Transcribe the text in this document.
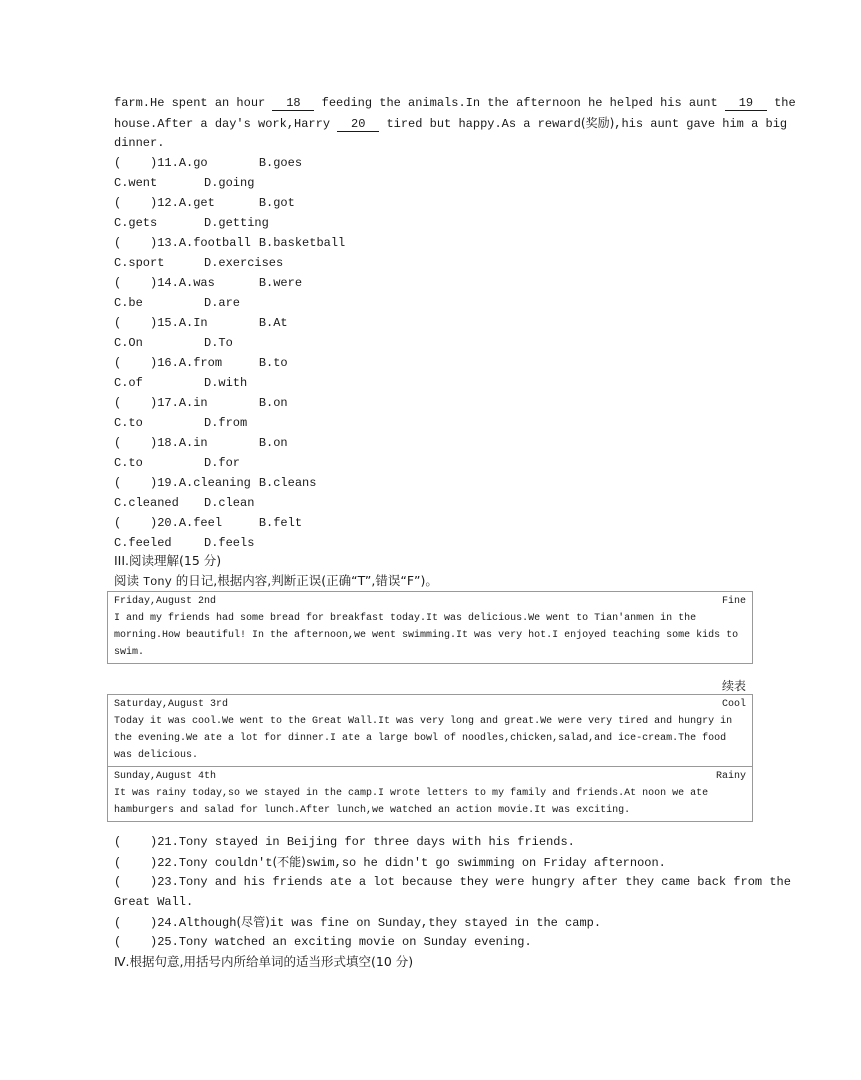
farm.He spent an hour 18 feeding the animals.In the afternoon he helped his aunt 19 the
house.After a day's work,Harry 20 tired but happy.As a reward(奖励),his aunt gave him a big
dinner.
(    )11.A.go	B.goes
C.went	D.going
(    )12.A.get	B.got
C.gets	D.getting
(    )13.A.football B.basketball
C.sport	D.exercises
(    )14.A.was	B.were
C.be	D.are
(    )15.A.In	B.At
C.On	D.To
(    )16.A.from	B.to
C.of	D.with
(    )17.A.in	B.on
C.to	D.from
(    )18.A.in	B.on
C.to	D.for
(    )19.A.cleaning B.cleans
C.cleaned D.clean
(    )20.A.feel	B.felt
C.feeled	D.feels
III.阅读理解(15 分)
阅读 Tony 的日记,根据内容,判断正误(正确“T”,错误“F”)。
Friday,August 2nd	Fine
I and my friends had some bread for breakfast today.It was delicious.We went to Tian'anmen in the morning.How beautiful! In the afternoon,we went swimming.It was very hot.I enjoyed teaching some kids to swim.
续表
Saturday,August 3rd	Cool
Today it was cool.We went to the Great Wall.It was very long and great.We were very tired and hungry in the evening.We ate a lot for dinner.I ate a large bowl of noodles,chicken,salad,and ice-cream.The food was delicious.
Sunday,August 4th	Rainy
It was rainy today,so we stayed in the camp.I wrote letters to my family and friends.At noon we ate hamburgers and salad for lunch.After lunch,we watched an action movie.It was exciting.
(    )21.Tony stayed in Beijing for three days with his friends.
(    )22.Tony couldn't(不能)swim,so he didn't go swimming on Friday afternoon.
(    )23.Tony and his friends ate a lot because they were hungry after they came back from the
Great Wall.
(    )24.Although(尽管)it was fine on Sunday,they stayed in the camp.
(    )25.Tony watched an exciting movie on Sunday evening.
Ⅳ.根据句意,用括号内所给单词的适当形式填空(10 分)
